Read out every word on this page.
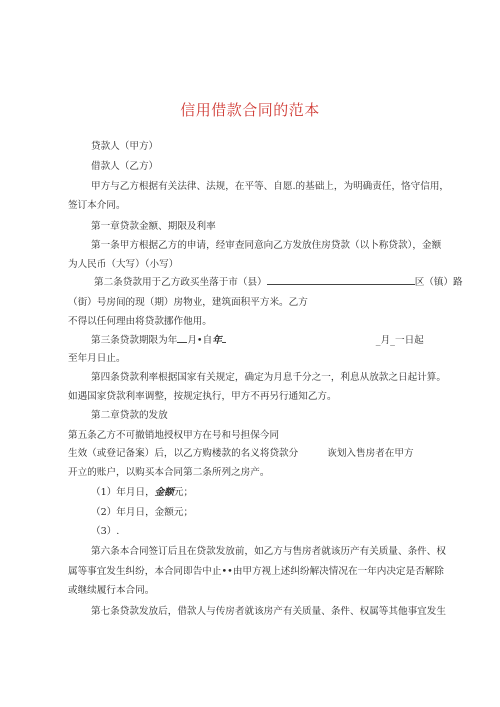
信用借款合同的范本
贷款人（甲方）
借款人（乙方）
甲方与乙方根据有关法律、法规，在平等、自愿.的基础上，为明确责任，恪守信用，
签订本介同。
第一章贷款金额、期限及利率
第一条甲方根据乙方的申请，经审查同意向乙方发放住房贷款（以卜称贷款），金额
为人民币（大写）（小写）
第二条贷款用于乙方政买坐落于市（县）	区（镇）路
（街）号房间的现（期）房物业，建筑面积平方米。乙方
不得以任何理由将贷款挪作他用。
第三条贷款期限为年 月•自年	_月_一日起
至年月日止。
第四条贷款利率根据国家有关规定，确定为月息千分之一，利息从放款之日起计算。
如遇国家贷款利率调整，按规定执行，甲方不再另行通知乙方。
第二章贷款的发放
第五条乙方不可撤销地授权甲方在号和号担保今同
生效（或登记备案）后，以乙方购楼款的名义将贷款分	诙划入售房者在甲方
开立的账户，以购买本合同第二条所列之房产。
（1）年月日，金额元；
（2）年月日，金额元；
（3）.
第六条本合同签订后且在贷款发放前，如乙方与售房者就该历产有关质量、条件、权
属等事宜发生纠纷，本合同即告中止••由甲方视上述纠纷解决情况在一年内决定是否解除
或继续履行本合同。
第七条贷款发放后，借款人与传房者就该房产有关质量、条件、权属等其他事宜发生
